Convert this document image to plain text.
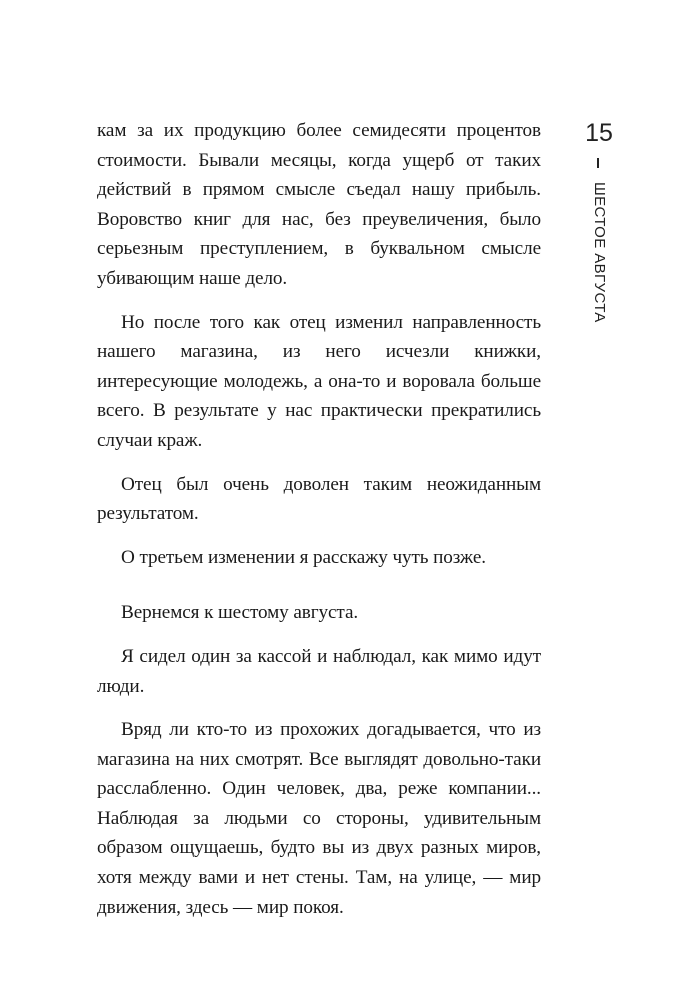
15
ШЕСТОЕ АВГУСТА

кам за их продукцию более семидесяти процентов стоимости. Бывали месяцы, когда ущерб от таких действий в прямом смысле съедал нашу прибыль. Воровство книг для нас, без преувеличения, было серьезным преступлением, в буквальном смысле убивающим наше дело.

Но после того как отец изменил направленность нашего магазина, из него исчезли книжки, интересующие молодежь, а она-то и воровала больше всего. В результате у нас практически прекратились случаи краж.

Отец был очень доволен таким неожиданным результатом.

О третьем изменении я расскажу чуть позже.

Вернемся к шестому августа.

Я сидел один за кассой и наблюдал, как мимо идут люди.

Вряд ли кто-то из прохожих догадывается, что из магазина на них смотрят. Все выглядят довольно-таки расслабленно. Один человек, два, реже компании... Наблюдая за людьми со стороны, удивительным образом ощущаешь, будто вы из двух разных миров, хотя между вами и нет стены. Там, на улице, — мир движения, здесь — мир покоя.
